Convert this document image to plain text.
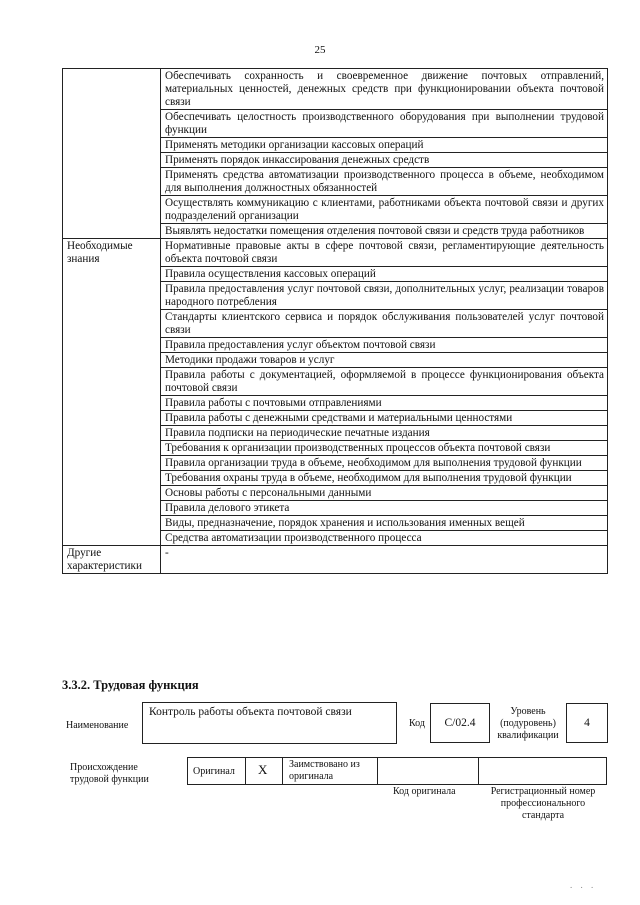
25
	Обеспечивать сохранность и своевременное движение почтовых отправлений, материальных ценностей, денежных средств при функционировании объекта почтовой связи
	Обеспечивать целостность производственного оборудования при выполнении трудовой функции
	Применять методики организации кассовых операций
	Применять порядок инкассирования денежных средств
	Применять средства автоматизации производственного процесса в объеме, необходимом для выполнения должностных обязанностей
	Осуществлять коммуникацию с клиентами, работниками объекта почтовой связи и других подразделений организации
	Выявлять недостатки помещения отделения почтовой связи и средств труда работников
Необходимые знания	Нормативные правовые акты в сфере почтовой связи, регламентирующие деятельность объекта почтовой связи
	Правила осуществления кассовых операций
	Правила предоставления услуг почтовой связи, дополнительных услуг, реализации товаров народного потребления
	Стандарты клиентского сервиса и порядок обслуживания пользователей услуг почтовой связи
	Правила предоставления услуг объектом почтовой связи
	Методики продажи товаров и услуг
	Правила работы с документацией, оформляемой в процессе функционирования объекта почтовой связи
	Правила работы с почтовыми отправлениями
	Правила работы с денежными средствами и материальными ценностями
	Правила подписки на периодические печатные издания
	Требования к организации производственных процессов объекта почтовой связи
	Правила организации труда в объеме, необходимом для выполнения трудовой функции
	Требования охраны труда в объеме, необходимом для выполнения трудовой функции
	Основы работы с персональными данными
	Правила делового этикета
	Виды, предназначение, порядок хранения и использования именных вещей
	Средства автоматизации производственного процесса
Другие характеристики	-
3.3.2. Трудовая функция
Наименование
Контроль работы объекта почтовой связи
Код C/02.4
Уровень
(подуровень)
квалификации
4
Происхождение
трудовой функции
Оригинал X Заимствовано из
оригинала
Код оригинала	Регистрационный номер
профессионального
стандарта
. . .
